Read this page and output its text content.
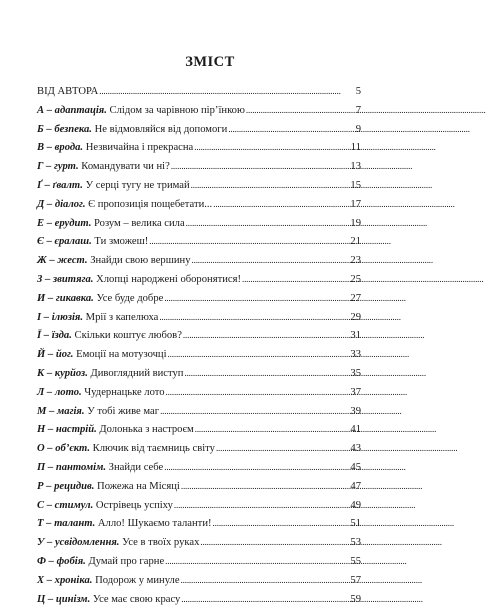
ЗМІСТ
ВІД АВТОРА . . .	5
А – адаптація. Слідом за чарівною пір’їнкою . . .	7
Б – безпека. Не відмовляйся від допомоги . . .	9
В – врода. Незвичайна і прекрасна . . .	11
Г – гурт. Командувати чи ні? . . .	13
Ґ – ґвалт. У серці тугу не тримай . . .	15
Д – діалог. Є пропозиція пощебетати... . . .	17
Е – ерудит. Розум – велика сила . . .	19
Є – єралаш. Ти зможеш! . . .	21
Ж – жест. Знайди свою вершину . . .	23
З – звитяга. Хлопці народжені оборонятися! . . .	25
И – гикавка. Усе буде добре . . .	27
І – ілюзія. Мрії з капелюха . . .	29
Ї – їзда. Скільки коштує любов? . . .	31
Й – йог. Емоції на мотузочці . . .	33
К – курйоз. Дивоглядний виступ . . .	35
Л – лото. Чудернацьке лото . . .	37
М – магія. У тобі живе маг . . .	39
Н – настрій. Долонька з настроєм . . .	41
О – об’єкт. Ключик від таємниць світу . . .	43
П – пантомім. Знайди себе . . .	45
Р – рецидив. Пожежа на Місяці . . .	47
С – стимул. Острівець успіху . . .	49
Т – талант. Алло! Шукаємо таланти! . . .	51
У – усвідомлення. Усе в твоїх руках . . .	53
Ф – фобія. Думай про гарне . . .	55
Х – хроніка. Подорож у минуле . . .	57
Ц – цинізм. Усе має свою красу . . .	59
